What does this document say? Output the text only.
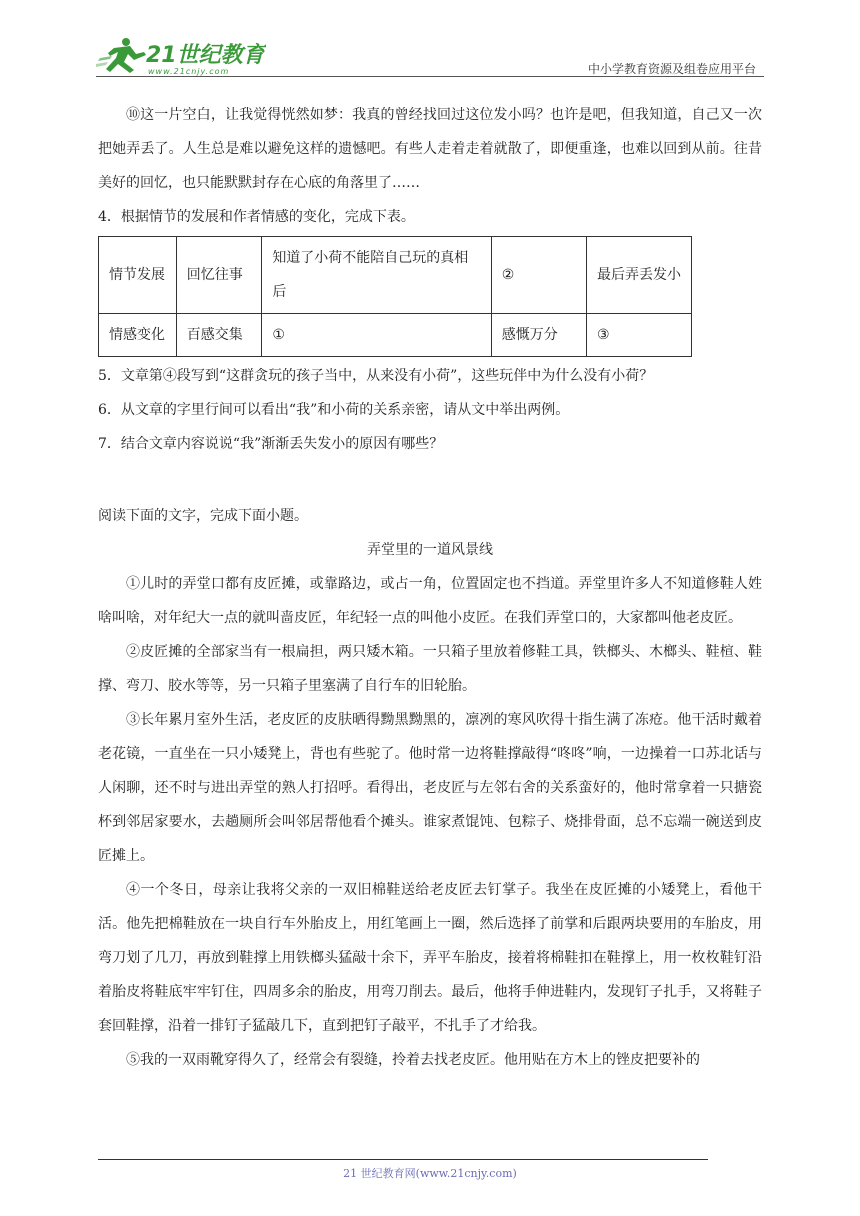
21世纪教育
www.21cnjy.com	中小学教育资源及组卷应用平台

⑩这一片空白，让我觉得恍然如梦：我真的曾经找回过这位发小吗？也许是吧，但我知道，自己又一次把她弄丢了。人生总是难以避免这样的遗憾吧。有些人走着走着就散了，即便重逢，也难以回到从前。往昔美好的回忆，也只能默默封存在心底的角落里了……

4．根据情节的发展和作者情感的变化，完成下表。

情节发展	回忆往事	知道了小荷不能陪自己玩的真相后	②	最后弄丢发小
情感变化	百感交集	①	感慨万分	③

5．文章第④段写到“这群贪玩的孩子当中，从来没有小荷”，这些玩伴中为什么没有小荷？

6．从文章的字里行间可以看出“我”和小荷的关系亲密，请从文中举出两例。

7．结合文章内容说说“我”渐渐丢失发小的原因有哪些？

阅读下面的文字，完成下面小题。

弄堂里的一道风景线

①儿时的弄堂口都有皮匠摊，或靠路边，或占一角，位置固定也不挡道。弄堂里许多人不知道修鞋人姓啥叫啥，对年纪大一点的就叫啬皮匠，年纪轻一点的叫他小皮匠。在我们弄堂口的，大家都叫他老皮匠。

②皮匠摊的全部家当有一根扁担，两只矮木箱。一只箱子里放着修鞋工具，铁榔头、木榔头、鞋楦、鞋撑、弯刀、胶水等等，另一只箱子里塞满了自行车的旧轮胎。

③长年累月室外生活，老皮匠的皮肤晒得黝黑黝黑的，凛冽的寒风吹得十指生满了冻疮。他干活时戴着老花镜，一直坐在一只小矮凳上，背也有些驼了。他时常一边将鞋撑敲得“咚咚”响，一边操着一口苏北话与人闲聊，还不时与进出弄堂的熟人打招呼。看得出，老皮匠与左邻右舍的关系蛮好的，他时常拿着一只搪瓷杯到邻居家要水，去趟厕所会叫邻居帮他看个摊头。谁家煮馄饨、包粽子、烧排骨面，总不忘端一碗送到皮匠摊上。

④一个冬日，母亲让我将父亲的一双旧棉鞋送给老皮匠去钉掌子。我坐在皮匠摊的小矮凳上，看他干活。他先把棉鞋放在一块自行车外胎皮上，用红笔画上一圈，然后选择了前掌和后跟两块要用的车胎皮，用弯刀划了几刀，再放到鞋撑上用铁榔头猛敲十余下，弄平车胎皮，接着将棉鞋扣在鞋撑上，用一枚枚鞋钉沿着胎皮将鞋底牢牢钉住，四周多余的胎皮，用弯刀削去。最后，他将手伸进鞋内，发现钉子扎手，又将鞋子套回鞋撑，沿着一排钉子猛敲几下，直到把钉子敲平，不扎手了才给我。

⑤我的一双雨靴穿得久了，经常会有裂缝，拎着去找老皮匠。他用贴在方木上的锉皮把要补的

21 世纪教育网(www.21cnjy.com)
